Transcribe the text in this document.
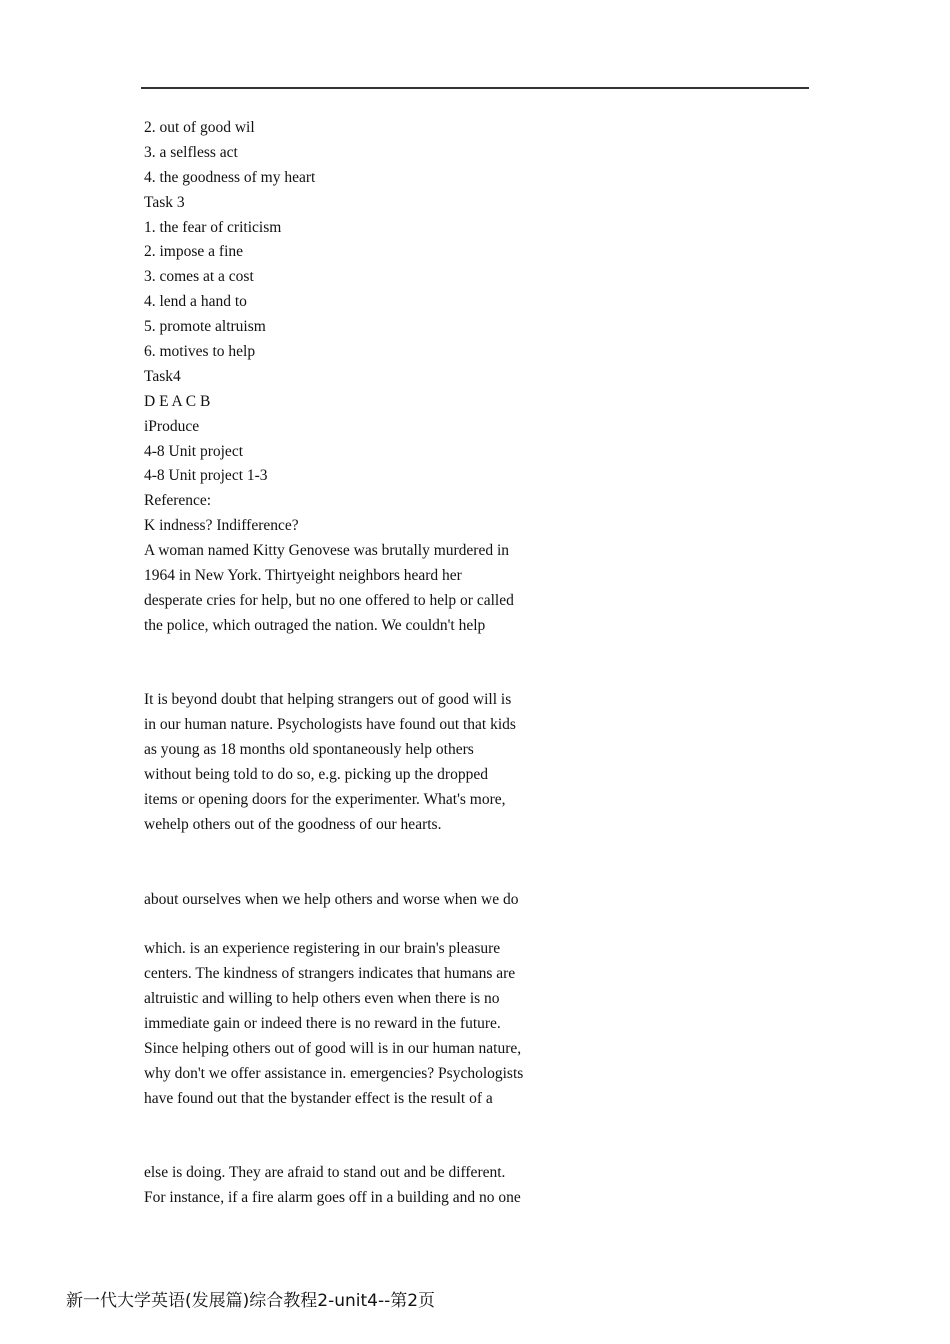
2. out of good wil
3. a selfless act
4. the goodness of my heart
Task 3
1. the fear of criticism
2. impose a fine
3. comes at a cost
4. lend a hand to
5. promote altruism
6. motives to help
Task4
D E A C B
iProduce
4-8 Unit project
4-8 Unit project 1-3
Reference:
K indness? Indifference?
A woman named Kitty Genovese was brutally murdered in
1964 in New York. Thirtyeight neighbors heard her
desperate cries for help, but no one offered to help or called
the police, which outraged the nation. We couldn't help
It is beyond doubt that helping strangers out of good will is
in our human nature. Psychologists have found out that kids
as young as 18 months old spontaneously help others
without being told to do so, e.g. picking up the dropped
items or opening doors for the experimenter. What's more,
wehelp others out of the goodness of our hearts.
about ourselves when we help others and worse when we do
which. is an experience registering in our brain's pleasure
centers. The kindness of strangers indicates that humans are
altruistic and willing to help others even when there is no
immediate gain or indeed there is no reward in the future.
Since helping others out of good will is in our human nature,
why don't we offer assistance in. emergencies? Psychologists
have found out that the bystander effect is the result of a
else is doing. They are afraid to stand out and be different.
For instance, if a fire alarm goes off in a building and no one
新一代大学英语(发展篇)综合教程2-unit4--第2页
